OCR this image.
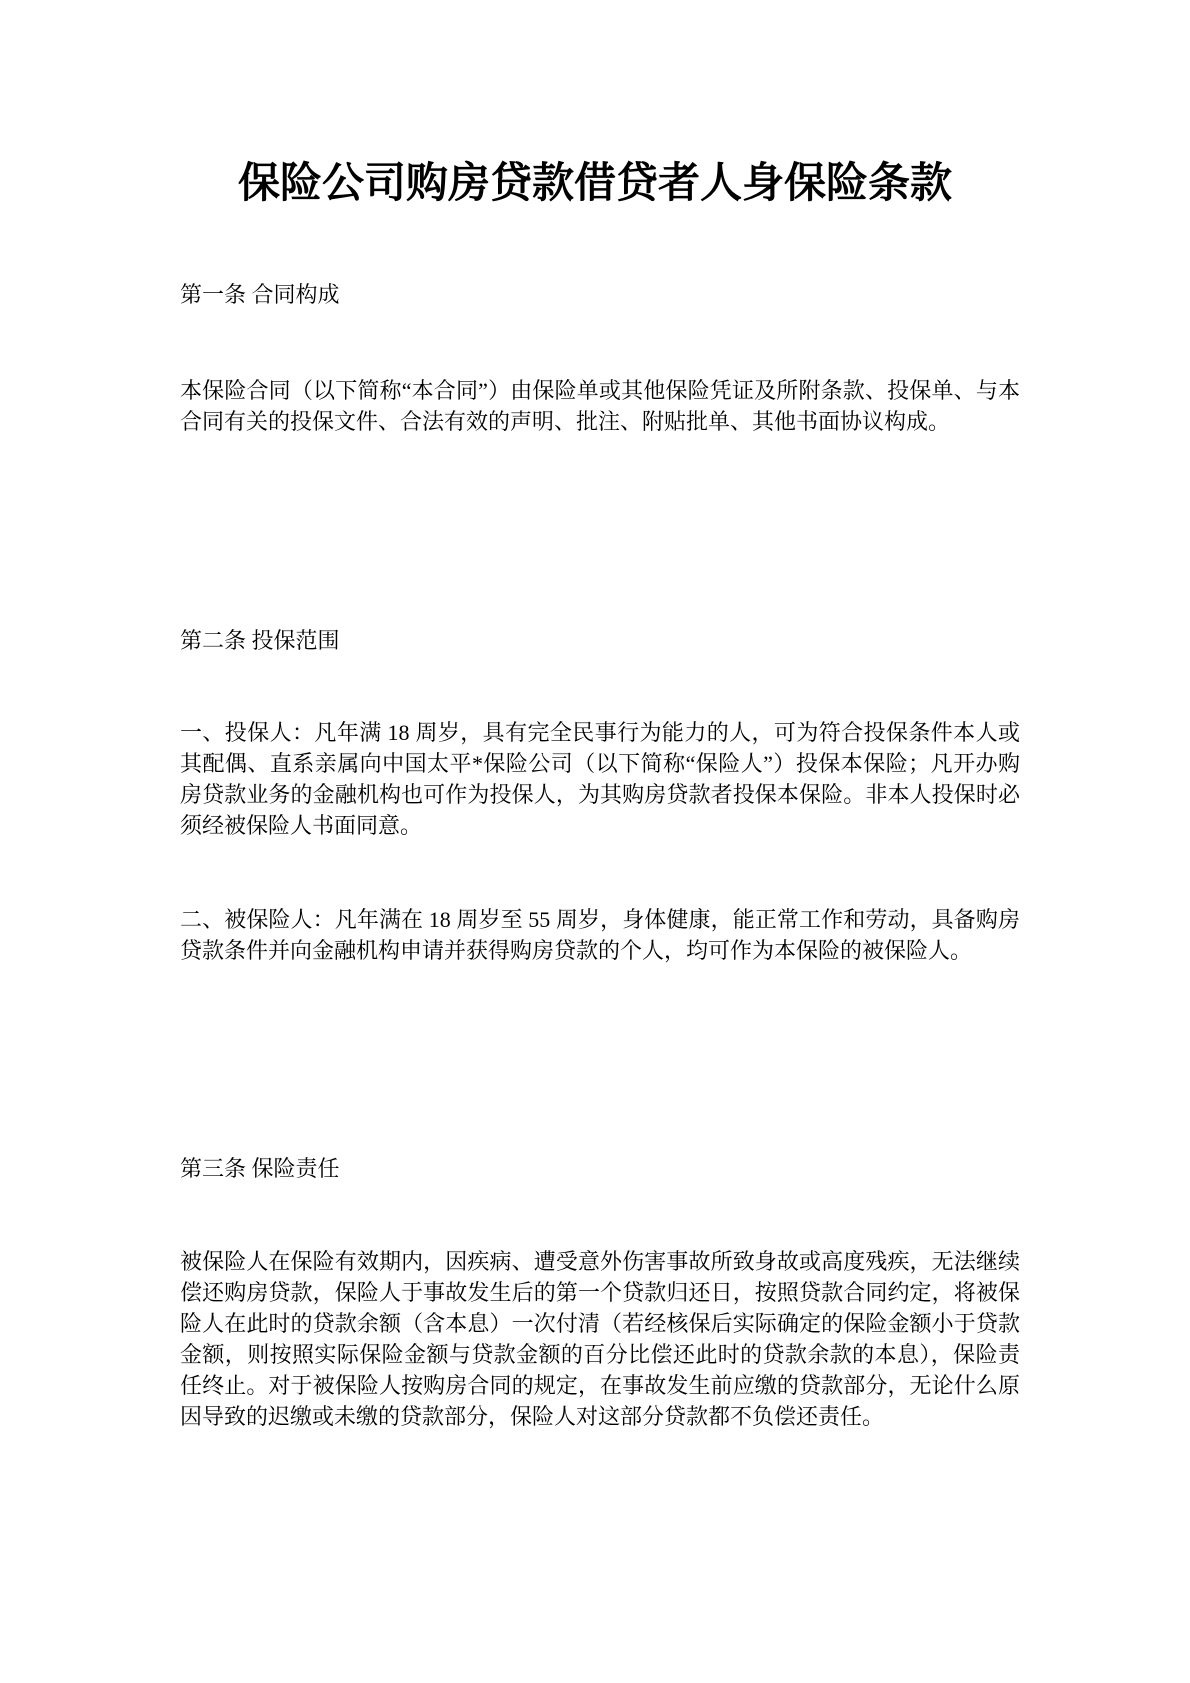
保险公司购房贷款借贷者人身保险条款
第一条 合同构成

本保险合同（以下简称“本合同”）由保险单或其他保险凭证及所附条款、投保单、与本合同有关的投保文件、合法有效的声明、批注、附贴批单、其他书面协议构成。

第二条 投保范围

一、投保人：凡年满 18 周岁，具有完全民事行为能力的人，可为符合投保条件本人或其配偶、直系亲属向中国太平*保险公司（以下简称“保险人”）投保本保险；凡开办购房贷款业务的金融机构也可作为投保人，为其购房贷款者投保本保险。非本人投保时必须经被保险人书面同意。

二、被保险人：凡年满在 18 周岁至 55 周岁，身体健康，能正常工作和劳动，具备购房贷款条件并向金融机构申请并获得购房贷款的个人，均可作为本保险的被保险人。

第三条 保险责任

被保险人在保险有效期内，因疾病、遭受意外伤害事故所致身故或高度残疾，无法继续偿还购房贷款，保险人于事故发生后的第一个贷款归还日，按照贷款合同约定，将被保险人在此时的贷款余额（含本息）一次付清（若经核保后实际确定的保险金额小于贷款金额，则按照实际保险金额与贷款金额的百分比偿还此时的贷款余款的本息），保险责任终止。对于被保险人按购房合同的规定，在事故发生前应缴的贷款部分，无论什么原因导致的迟缴或未缴的贷款部分，保险人对这部分贷款都不负偿还责任。
